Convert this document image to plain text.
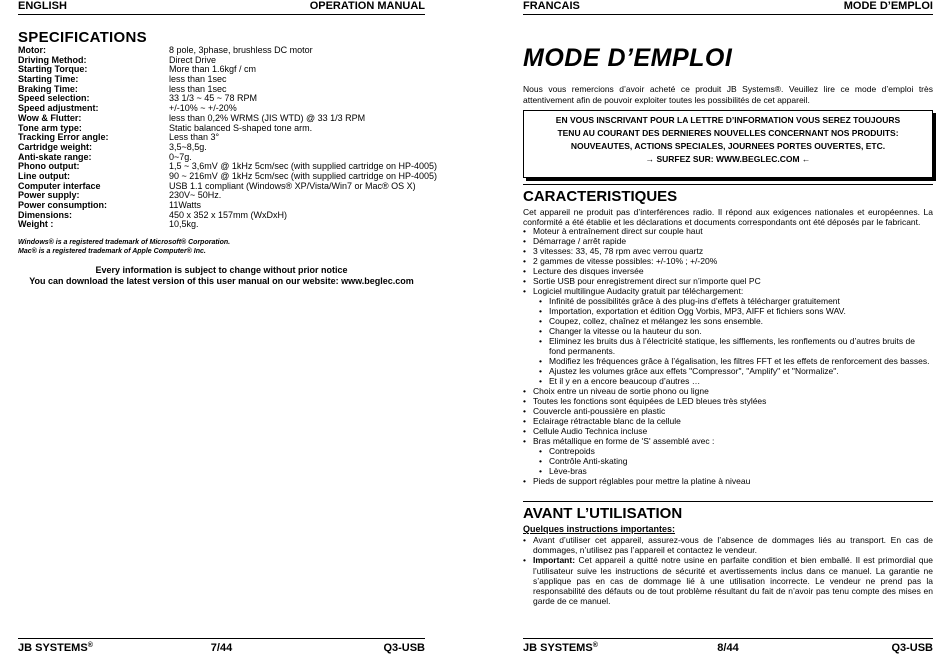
ENGLISH	OPERATION MANUAL
SPECIFICATIONS
Motor:	8 pole, 3phase, brushless DC motor
Driving Method:	Direct Drive
Starting Torque:	More than 1.6kgf / cm
Starting Time:	less than 1sec
Braking Time:	less than 1sec
Speed selection:	33 1/3 ~ 45 ~ 78 RPM
Speed adjustment:	+/-10% ~ +/-20%
Wow & Flutter:	less than 0,2% WRMS (JIS WTD) @ 33 1/3 RPM
Tone arm type:	Static balanced S-shaped tone arm.
Tracking Error angle:	Less than 3°
Cartridge weight:	3,5~8,5g.
Anti-skate range:	0~7g.
Phono output:	1,5 ~ 3,6mV @ 1kHz 5cm/sec (with supplied cartridge on HP-4005)
Line output:	90 ~ 216mV @ 1kHz 5cm/sec (with supplied cartridge on HP-4005)
Computer interface	USB 1.1 compliant (Windows® XP/Vista/Win7 or Mac® OS X)
Power supply:	230V~ 50Hz.
Power consumption:	11Watts
Dimensions:	450 x 352 x 157mm (WxDxH)
Weight :	10,5kg.
Windows® is a registered trademark of Microsoft® Corporation.
Mac® is a registered trademark of Apple Computer® Inc.
Every information is subject to change without prior notice
You can download the latest version of this user manual on our website: www.beglec.com
JB SYSTEMS®	7/44	Q3-USB
FRANCAIS	MODE D’EMPLOI
MODE D’EMPLOI
Nous vous remercions d’avoir acheté ce produit JB Systems®. Veuillez lire ce mode d’emploi très attentivement afin de pouvoir exploiter toutes les possibilités de cet appareil.
EN VOUS INSCRIVANT POUR LA LETTRE D’INFORMATION VOUS SEREZ TOUJOURS
TENU AU COURANT DES DERNIERES NOUVELLES CONCERNANT NOS PRODUITS:
NOUVEAUTES, ACTIONS SPECIALES, JOURNEES PORTES OUVERTES, ETC.
→ SURFEZ SUR: WWW.BEGLEC.COM ←
CARACTERISTIQUES
Cet appareil ne produit pas d’interférences radio. Il répond aux exigences nationales et européennes. La conformité a été établie et les déclarations et documents correspondants ont été déposés par le fabricant.
• Moteur à entraînement direct sur couple haut
• Démarrage / arrêt rapide
• 3 vitesses: 33, 45, 78 rpm avec verrou quartz
• 2 gammes de vitesse possibles: +/-10% ; +/-20%
• Lecture des disques inversée
• Sortie USB pour enregistrement direct sur n’importe quel PC
• Logiciel multilingue Audacity gratuit par téléchargement:
• Infinité de possibilités grâce à des plug-ins d’effets à télécharger gratuitement
• Importation, exportation et édition Ogg Vorbis, MP3, AIFF et fichiers sons WAV.
• Coupez, collez, chaînez et mélangez les sons ensemble.
• Changer la vitesse ou la hauteur du son.
• Eliminez les bruits dus à l’électricité statique, les sifflements, les ronflements ou d’autres bruits de fond permanents.
• Modifiez les fréquences grâce à l’égalisation, les filtres FFT et les effets de renforcement des basses.
• Ajustez les volumes grâce aux effets "Compressor", "Amplify" et "Normalize".
• Et il y en a encore beaucoup d’autres …
• Choix entre un niveau de sortie phono ou ligne
• Toutes les fonctions sont équipées de LED bleues très stylées
• Couvercle anti-poussière en plastic
• Eclairage rétractable blanc de la cellule
• Cellule Audio Technica incluse
• Bras métallique en forme de 'S' assemblé avec :
• Contrepoids
• Contrôle Anti-skating
• Lève-bras
• Pieds de support réglables pour mettre la platine à niveau
AVANT L’UTILISATION
Quelques instructions importantes:
• Avant d’utiliser cet appareil, assurez-vous de l’absence de dommages liés au transport. En cas de dommages, n’utilisez pas l’appareil et contactez le vendeur.
• Important: Cet appareil a quitté notre usine en parfaite condition et bien emballé. Il est primordial que l’utilisateur suive les instructions de sécurité et avertissements inclus dans ce manuel. La garantie ne s’applique pas en cas de dommage lié à une utilisation incorrecte. Le vendeur ne prend pas la responsabilité des défauts ou de tout problème résultant du fait de n’avoir pas tenu compte des mises en garde de ce manuel.
JB SYSTEMS®	8/44	Q3-USB
